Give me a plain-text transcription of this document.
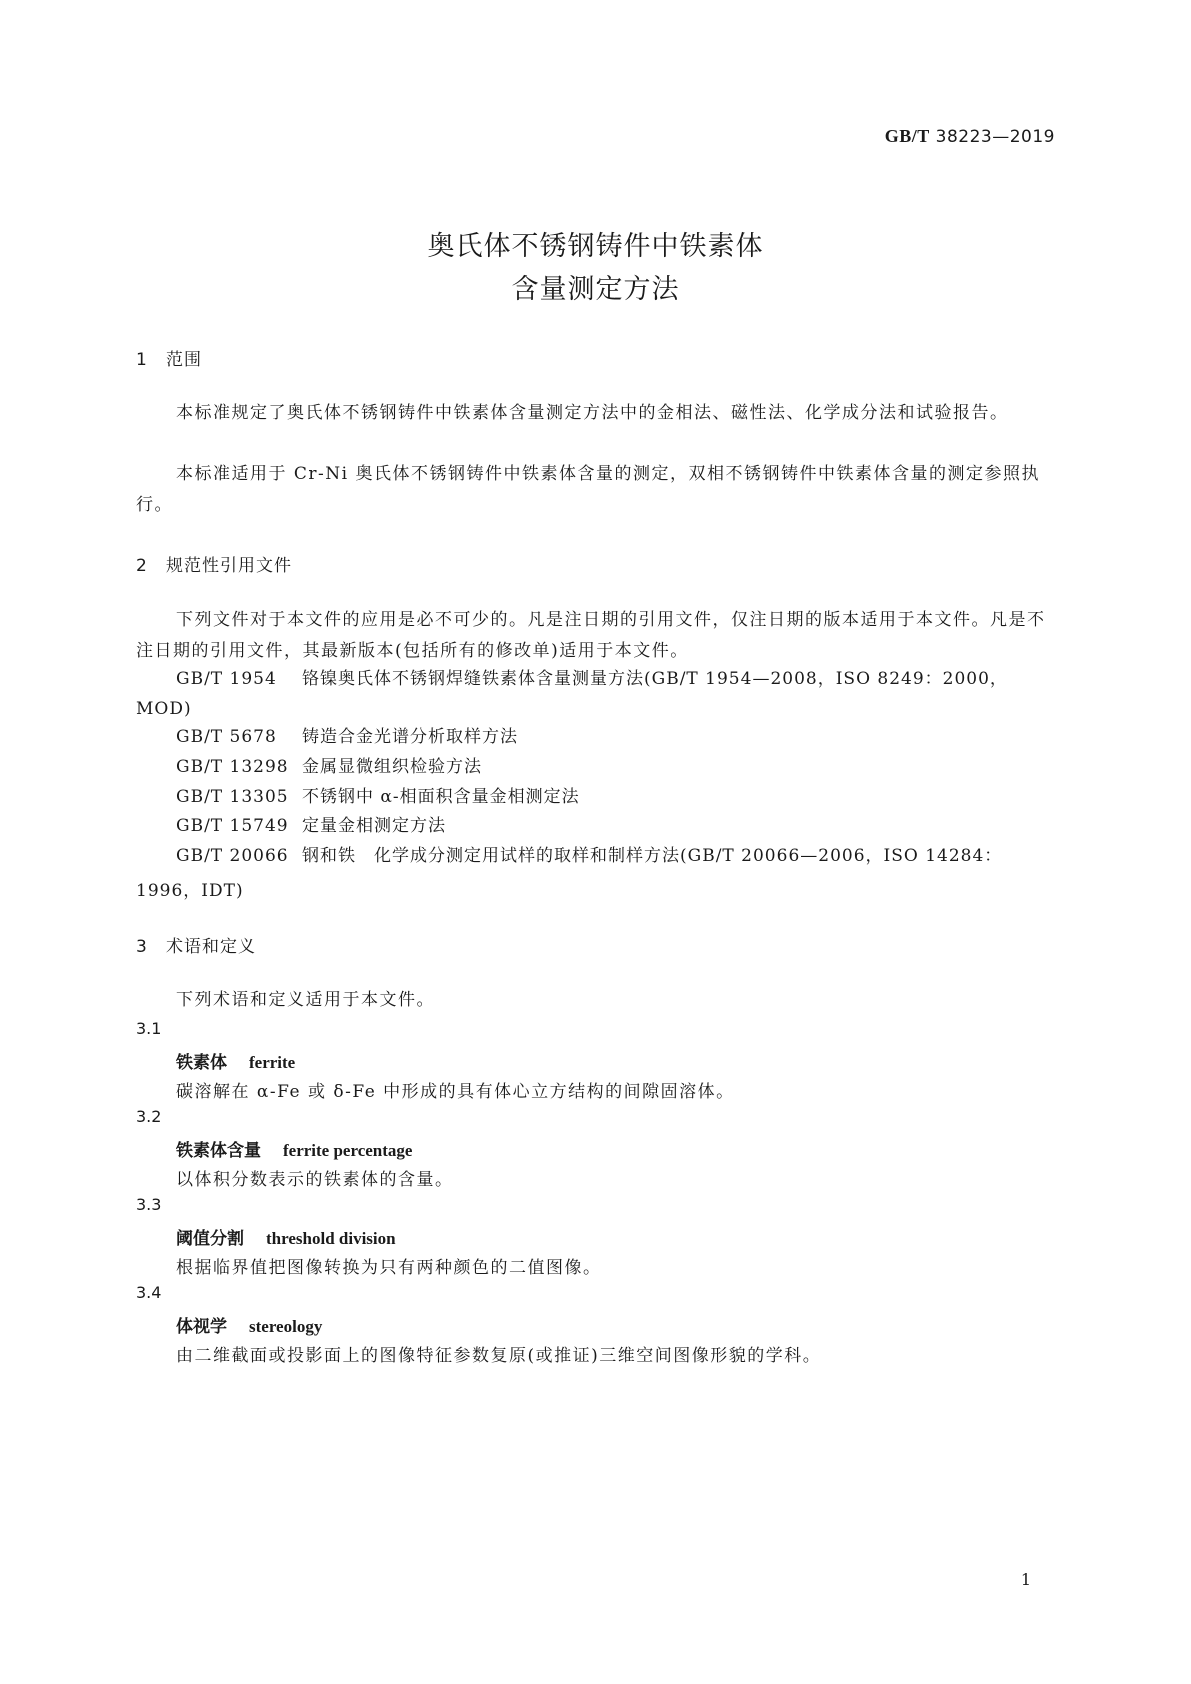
GB/T 38223—2019
奥氏体不锈钢铸件中铁素体
含量测定方法
1 范围
本标准规定了奥氏体不锈钢铸件中铁素体含量测定方法中的金相法、磁性法、化学成分法和试验报告。
本标准适用于 Cr-Ni 奥氏体不锈钢铸件中铁素体含量的测定，双相不锈钢铸件中铁素体含量的测定参照执行。
2 规范性引用文件
下列文件对于本文件的应用是必不可少的。凡是注日期的引用文件，仅注日期的版本适用于本文件。凡是不注日期的引用文件，其最新版本(包括所有的修改单)适用于本文件。
GB/T 1954 铬镍奥氏体不锈钢焊缝铁素体含量测量方法(GB/T 1954—2008，ISO 8249：2000，
MOD)
GB/T 5678 铸造合金光谱分析取样方法
GB/T 13298 金属显微组织检验方法
GB/T 13305 不锈钢中 α-相面积含量金相测定法
GB/T 15749 定量金相测定方法
GB/T 20066 钢和铁　化学成分测定用试样的取样和制样方法(GB/T 20066—2006，ISO 14284：
1996，IDT)
3 术语和定义
下列术语和定义适用于本文件。
3.1
铁素体 ferrite
碳溶解在 α-Fe 或 δ-Fe 中形成的具有体心立方结构的间隙固溶体。
3.2
铁素体含量 ferrite percentage
以体积分数表示的铁素体的含量。
3.3
阈值分割 threshold division
根据临界值把图像转换为只有两种颜色的二值图像。
3.4
体视学 stereology
由二维截面或投影面上的图像特征参数复原(或推证)三维空间图像形貌的学科。
1
